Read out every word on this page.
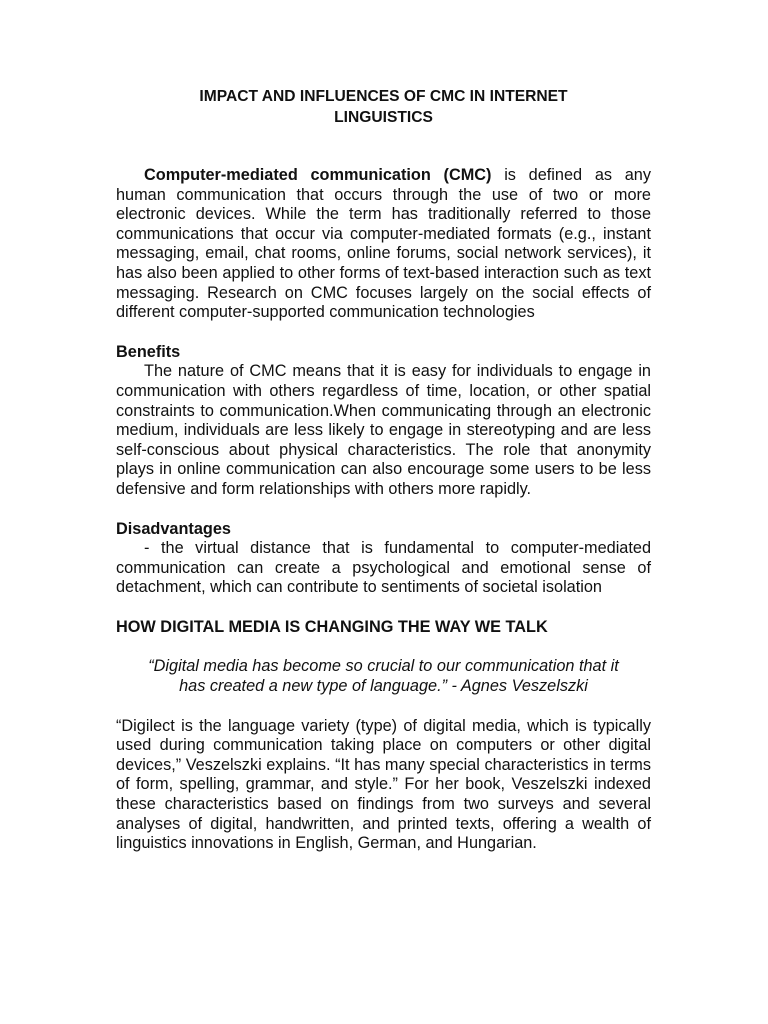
IMPACT AND INFLUENCES OF CMC IN INTERNET
LINGUISTICS

Computer-mediated communication (CMC) is defined as any human communication that occurs through the use of two or more electronic devices. While the term has traditionally referred to those communications that occur via computer-mediated formats (e.g., instant messaging, email, chat rooms, online forums, social network services), it has also been applied to other forms of text-based interaction such as text messaging. Research on CMC focuses largely on the social effects of different computer-supported communication technologies

Benefits

The nature of CMC means that it is easy for individuals to engage in communication with others regardless of time, location, or other spatial constraints to communication.When communicating through an electronic medium, individuals are less likely to engage in stereotyping and are less self-conscious about physical characteristics. The role that anonymity plays in online communication can also encourage some users to be less defensive and form relationships with others more rapidly.

Disadvantages

- the virtual distance that is fundamental to computer-mediated communication can create a psychological and emotional sense of detachment, which can contribute to sentiments of societal isolation

HOW DIGITAL MEDIA IS CHANGING THE WAY WE TALK
“Digital media has become so crucial to our communication that it
has created a new type of language.” - Agnes Veszelszki

“Digilect is the language variety (type) of digital media, which is typically used during communication taking place on computers or other digital devices,” Veszelszki explains. “It has many special characteristics in terms of form, spelling, grammar, and style.” For her book, Veszelszki indexed these characteristics based on findings from two surveys and several analyses of digital, handwritten, and printed texts, offering a wealth of linguistics innovations in English, German, and Hungarian.
